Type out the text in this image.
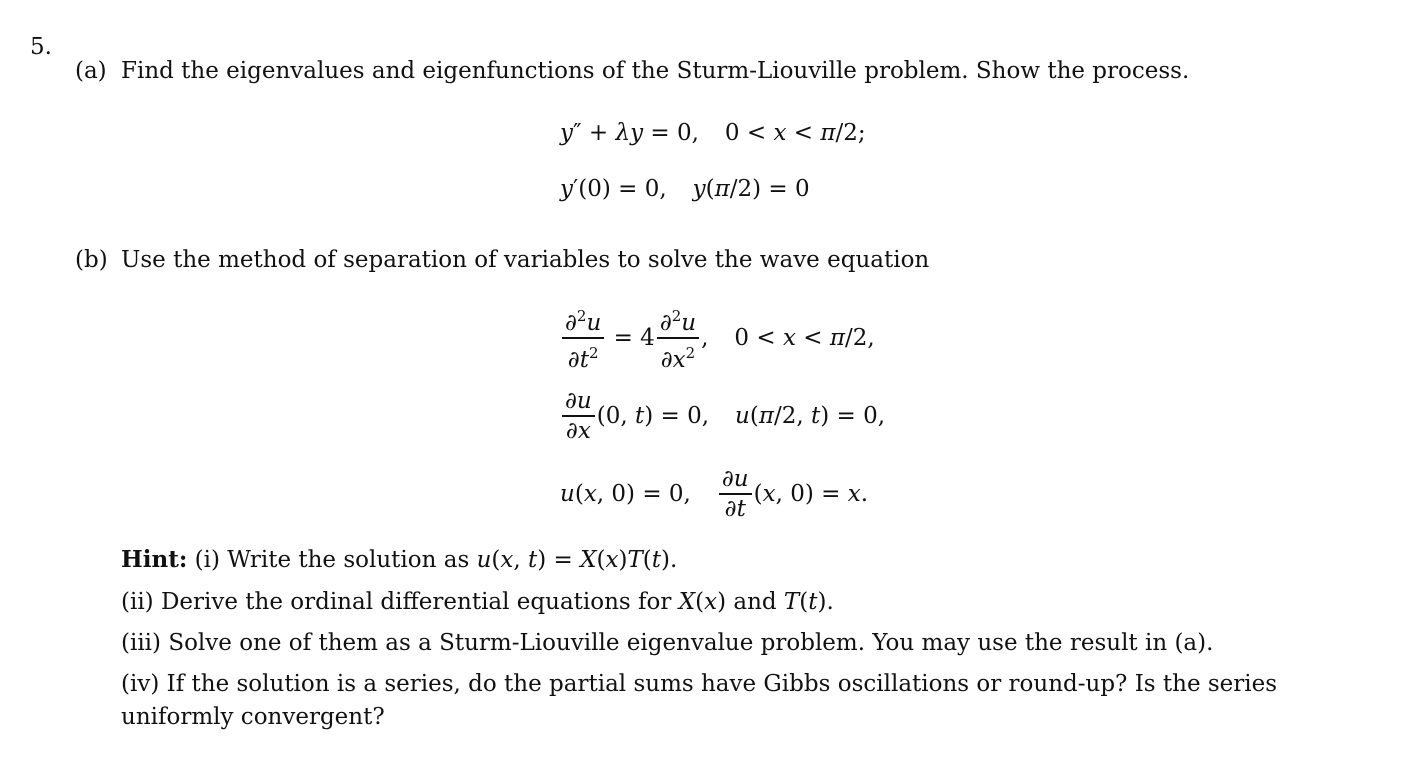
5.
(a) Find the eigenvalues and eigenfunctions of the Sturm-Liouville problem. Show the process.
y″ + λy = 0, 0 < x < π/2;
y′(0) = 0, y(π/2) = 0
(b) Use the method of separation of variables to solve the wave equation
$\frac{\partial^2u}{\partial t^2} = 4 \frac{\partial^2u}{\partial x^2}$ , 0 < x < π/2,
$\frac{\partial u}{\partial x} (0$, t) = 0, u(π/2, t) = 0,
u(x, 0) = 0, $\frac{\partial u}{\partial t} (x$, 0) = x.
Hint: (i) Write the solution as u(x, t) = X(x)T(t).
(ii) Derive the ordinal differential equations for X(x) and T(t).
(iii) Solve one of them as a Sturm-Liouville eigenvalue problem. You may use the result in (a).
(iv) If the solution is a series, do the partial sums have Gibbs oscillations or round-up? Is the series
uniformly convergent?
